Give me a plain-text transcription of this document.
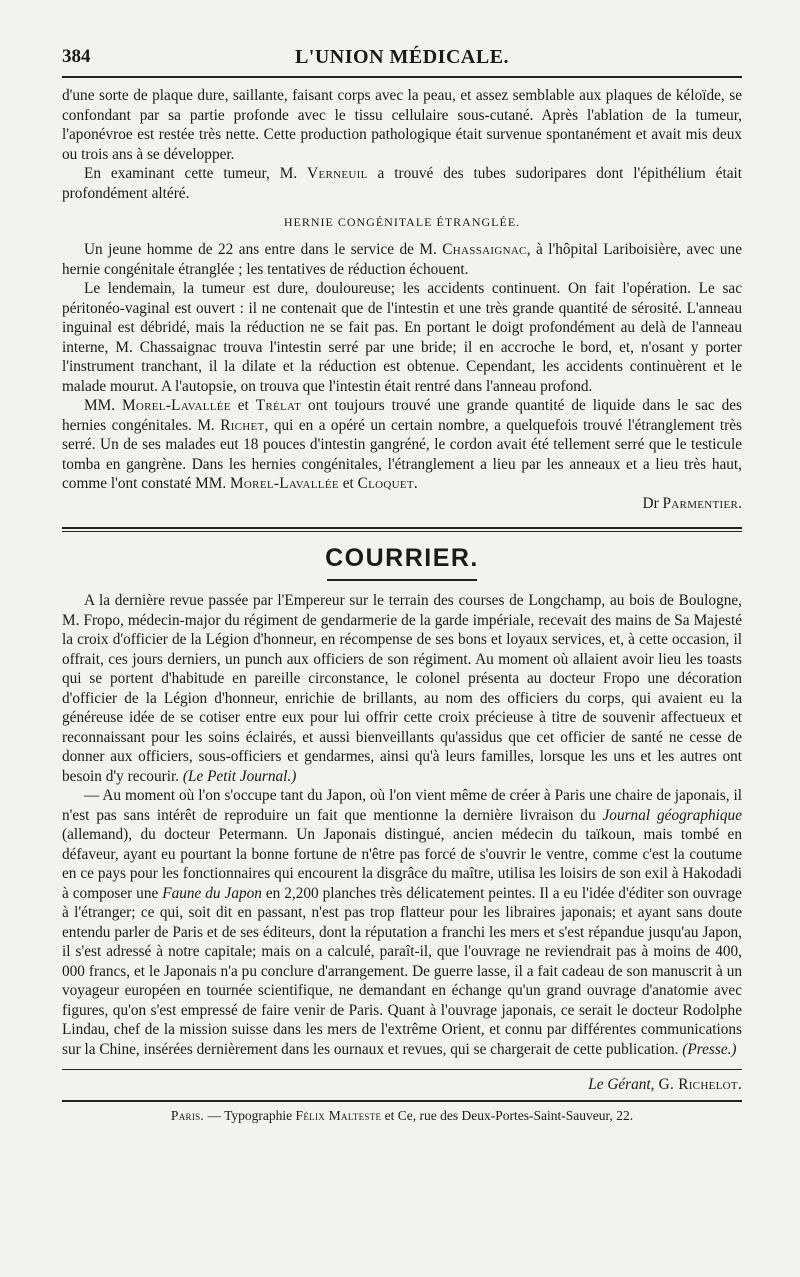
384	L'UNION MÉDICALE.

d'une sorte de plaque dure, saillante, faisant corps avec la peau, et assez semblable aux plaques de kéloïde, se confondant par sa partie profonde avec le tissu cellulaire sous-cutané. Après l'ablation de la tumeur, l'aponévroe est restée très nette. Cette production pathologique était survenue spontanément et avait mis deux ou trois ans à se développer.

En examinant cette tumeur, M. Verneuil a trouvé des tubes sudoripares dont l'épithélium était profondément altéré.

HERNIE CONGÉNITALE ÉTRANGLÉE.

Un jeune homme de 22 ans entre dans le service de M. Chassaignac, à l'hôpital Lariboisière, avec une hernie congénitale étranglée ; les tentatives de réduction échouent.

Le lendemain, la tumeur est dure, douloureuse; les accidents continuent. On fait l'opération. Le sac péritonéo-vaginal est ouvert : il ne contenait que de l'intestin et une très grande quantité de sérosité. L'anneau inguinal est débridé, mais la réduction ne se fait pas. En portant le doigt profondément au delà de l'anneau interne, M. Chassaignac trouva l'intestin serré par une bride; il en accroche le bord, et, n'osant y porter l'instrument tranchant, il la dilate et la réduction est obtenue. Cependant, les accidents continuèrent et le malade mourut. A l'autopsie, on trouva que l'intestin était rentré dans l'anneau profond.

MM. Morel-Lavallée et Trélat ont toujours trouvé une grande quantité de liquide dans le sac des hernies congénitales. M. Richet, qui en a opéré un certain nombre, a quelquefois trouvé l'étranglement très serré. Un de ses malades eut 18 pouces d'intestin gangréné, le cordon avait été tellement serré que le testicule tomba en gangrène. Dans les hernies congénitales, l'étranglement a lieu par les anneaux et a lieu très haut, comme l'ont constaté MM. Morel-Lavallée et Cloquet.

Dr Parmentier.

COURRIER.

A la dernière revue passée par l'Empereur sur le terrain des courses de Longchamp, au bois de Boulogne, M. Fropo, médecin-major du régiment de gendarmerie de la garde impériale, recevait des mains de Sa Majesté la croix d'officier de la Légion d'honneur, en récompense de ses bons et loyaux services, et, à cette occasion, il offrait, ces jours derniers, un punch aux officiers de son régiment. Au moment où allaient avoir lieu les toasts qui se portent d'habitude en pareille circonstance, le colonel présenta au docteur Fropo une décoration d'officier de la Légion d'honneur, enrichie de brillants, au nom des officiers du corps, qui avaient eu la généreuse idée de se cotiser entre eux pour lui offrir cette croix précieuse à titre de souvenir affectueux et reconnaissant pour les soins éclairés, et aussi bienveillants qu'assidus que cet officier de santé ne cesse de donner aux officiers, sous-officiers et gendarmes, ainsi qu'à leurs familles, lorsque les uns et les autres ont besoin d'y recourir. (Le Petit Journal.)

— Au moment où l'on s'occupe tant du Japon, où l'on vient même de créer à Paris une chaire de japonais, il n'est pas sans intérêt de reproduire un fait que mentionne la dernière livraison du Journal géographique (allemand), du docteur Petermann. Un Japonais distingué, ancien médecin du taïkoun, mais tombé en défaveur, ayant eu pourtant la bonne fortune de n'être pas forcé de s'ouvrir le ventre, comme c'est la coutume en ce pays pour les fonctionnaires qui encourent la disgrâce du maître, utilisa les loisirs de son exil à Hakodadi à composer une Faune du Japon en 2,200 planches très délicatement peintes. Il a eu l'idée d'éditer son ouvrage à l'étranger; ce qui, soit dit en passant, n'est pas trop flatteur pour les libraires japonais; et ayant sans doute entendu parler de Paris et de ses éditeurs, dont la réputation a franchi les mers et s'est répandue jusqu'au Japon, il s'est adressé à notre capitale; mais on a calculé, paraît-il, que l'ouvrage ne reviendrait pas à moins de 400, 000 francs, et le Japonais n'a pu conclure d'arrangement. De guerre lasse, il a fait cadeau de son manuscrit à un voyageur européen en tournée scientifique, ne demandant en échange qu'un grand ouvrage d'anatomie avec figures, qu'on s'est empressé de faire venir de Paris. Quant à l'ouvrage japonais, ce serait le docteur Rodolphe Lindau, chef de la mission suisse dans les mers de l'extrême Orient, et connu par différentes communications sur la Chine, insérées dernièrement dans les ournaux et revues, qui se chargerait de cette publication. (Presse.)

Le Gérant, G. Richelot.
Paris. — Typographie Félix Malteste et Ce, rue des Deux-Portes-Saint-Sauveur, 22.
